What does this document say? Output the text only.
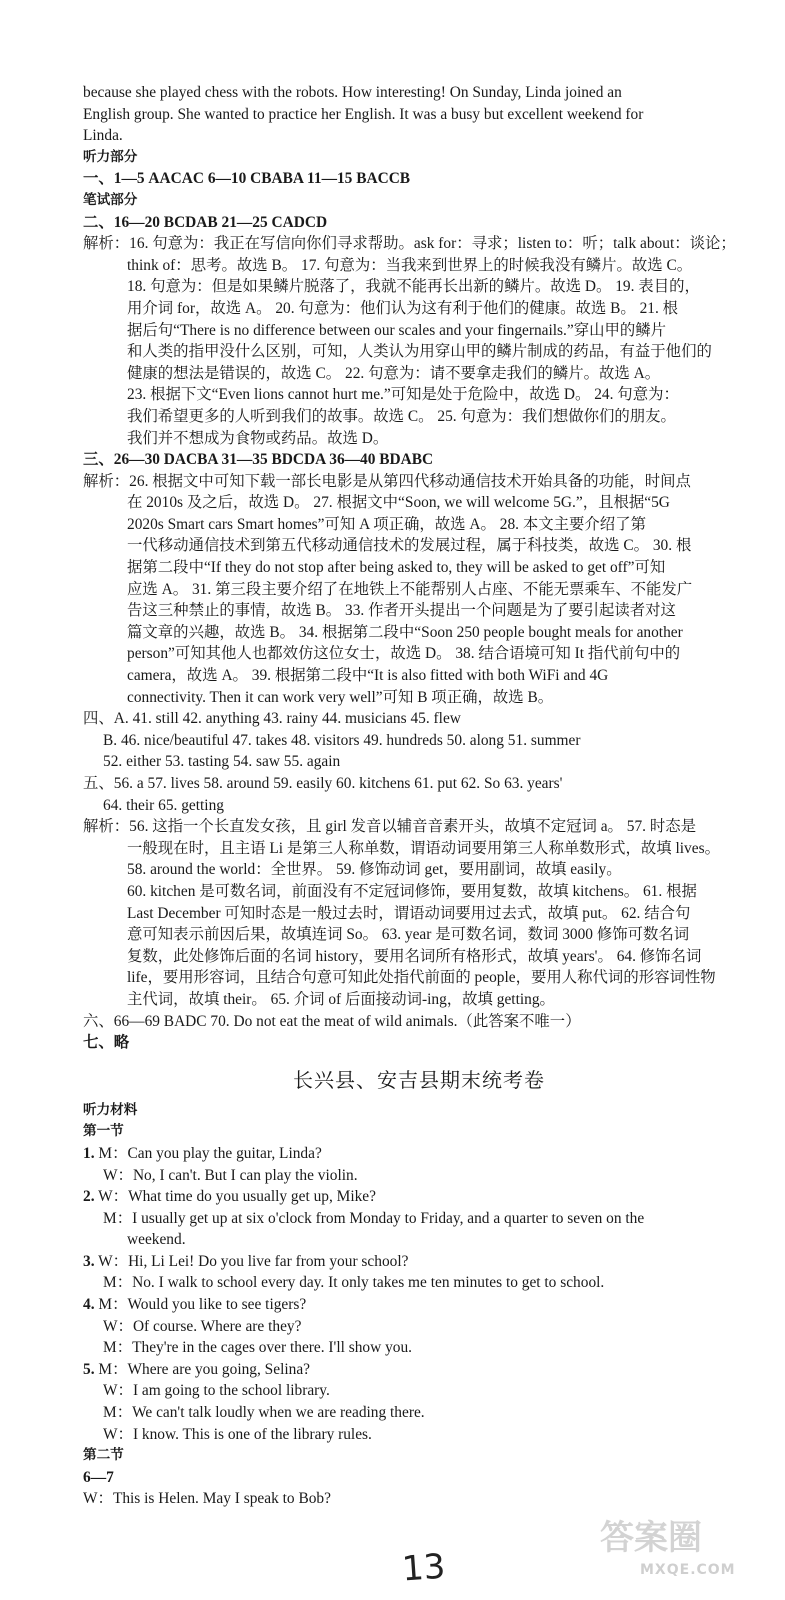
because she played chess with the robots. How interesting! On Sunday, Linda joined an

English group. She wanted to practice her English. It was a busy but excellent weekend for

Linda.

听力部分

一、1—5 AACAC 6—10 CBABA 11—15 BACCB

笔试部分

二、16—20 BCDAB 21—25 CADCD

解析：16. 句意为：我正在写信向你们寻求帮助。ask for：寻求；listen to：听；talk about：谈论；

think of：思考。故选 B。 17. 句意为：当我来到世界上的时候我没有鳞片。故选 C。

18. 句意为：但是如果鳞片脱落了，我就不能再长出新的鳞片。故选 D。 19. 表目的，

用介词 for，故选 A。 20. 句意为：他们认为这有利于他们的健康。故选 B。 21. 根

据后句“There is no difference between our scales and your fingernails.”穿山甲的鳞片

和人类的指甲没什么区别，可知，人类认为用穿山甲的鳞片制成的药品，有益于他们的

健康的想法是错误的，故选 C。 22. 句意为：请不要拿走我们的鳞片。故选 A。

23. 根据下文“Even lions cannot hurt me.”可知是处于危险中，故选 D。 24. 句意为：

我们希望更多的人听到我们的故事。故选 C。 25. 句意为：我们想做你们的朋友。

我们并不想成为食物或药品。故选 D。

三、26—30 DACBA 31—35 BDCDA 36—40 BDABC

解析：26. 根据文中可知下载一部长电影是从第四代移动通信技术开始具备的功能，时间点

在 2010s 及之后，故选 D。 27. 根据文中“Soon, we will welcome 5G.”，且根据“5G

2020s Smart cars Smart homes”可知 A 项正确，故选 A。 28. 本文主要介绍了第

一代移动通信技术到第五代移动通信技术的发展过程，属于科技类，故选 C。 30. 根

据第二段中“If they do not stop after being asked to, they will be asked to get off”可知

应选 A。 31. 第三段主要介绍了在地铁上不能帮别人占座、不能无票乘车、不能发广

告这三种禁止的事情，故选 B。 33. 作者开头提出一个问题是为了要引起读者对这

篇文章的兴趣，故选 B。 34. 根据第二段中“Soon 250 people bought meals for another

person”可知其他人也都效仿这位女士，故选 D。 38. 结合语境可知 It 指代前句中的

camera，故选 A。 39. 根据第二段中“It is also fitted with both WiFi and 4G

connectivity. Then it can work very well”可知 B 项正确，故选 B。

四、A. 41. still 42. anything 43. rainy 44. musicians 45. flew

B. 46. nice/beautiful 47. takes 48. visitors 49. hundreds 50. along 51. summer

52. either 53. tasting 54. saw 55. again

五、56. a 57. lives 58. around 59. easily 60. kitchens 61. put 62. So 63. years'

64. their 65. getting

解析：56. 这指一个长直发女孩，且 girl 发音以辅音音素开头，故填不定冠词 a。 57. 时态是

一般现在时，且主语 Li 是第三人称单数，谓语动词要用第三人称单数形式，故填 lives。

58. around the world：全世界。 59. 修饰动词 get，要用副词，故填 easily。

60. kitchen 是可数名词，前面没有不定冠词修饰，要用复数，故填 kitchens。 61. 根据

Last December 可知时态是一般过去时，谓语动词要用过去式，故填 put。 62. 结合句

意可知表示前因后果，故填连词 So。 63. year 是可数名词，数词 3000 修饰可数名词

复数，此处修饰后面的名词 history，要用名词所有格形式，故填 years'。 64. 修饰名词

life，要用形容词，且结合句意可知此处指代前面的 people，要用人称代词的形容词性物

主代词，故填 their。 65. 介词 of 后面接动词-ing，故填 getting。

六、66—69 BADC 70. Do not eat the meat of wild animals.（此答案不唯一）

七、略

长兴县、安吉县期末统考卷

听力材料

第一节

1. M：Can you play the guitar, Linda?

W：No, I can't. But I can play the violin.

2. W：What time do you usually get up, Mike?

M：I usually get up at six o'clock from Monday to Friday, and a quarter to seven on the

weekend.

3. W：Hi, Li Lei! Do you live far from your school?

M：No. I walk to school every day. It only takes me ten minutes to get to school.

4. M：Would you like to see tigers?

W：Of course. Where are they?

M：They're in the cages over there. I'll show you.

5. M：Where are you going, Selina?

W：I am going to the school library.

M：We can't talk loudly when we are reading there.

W：I know. This is one of the library rules.

第二节

6—7

W：This is Helen. May I speak to Bob?

13
答案圈
MXQE.COM
